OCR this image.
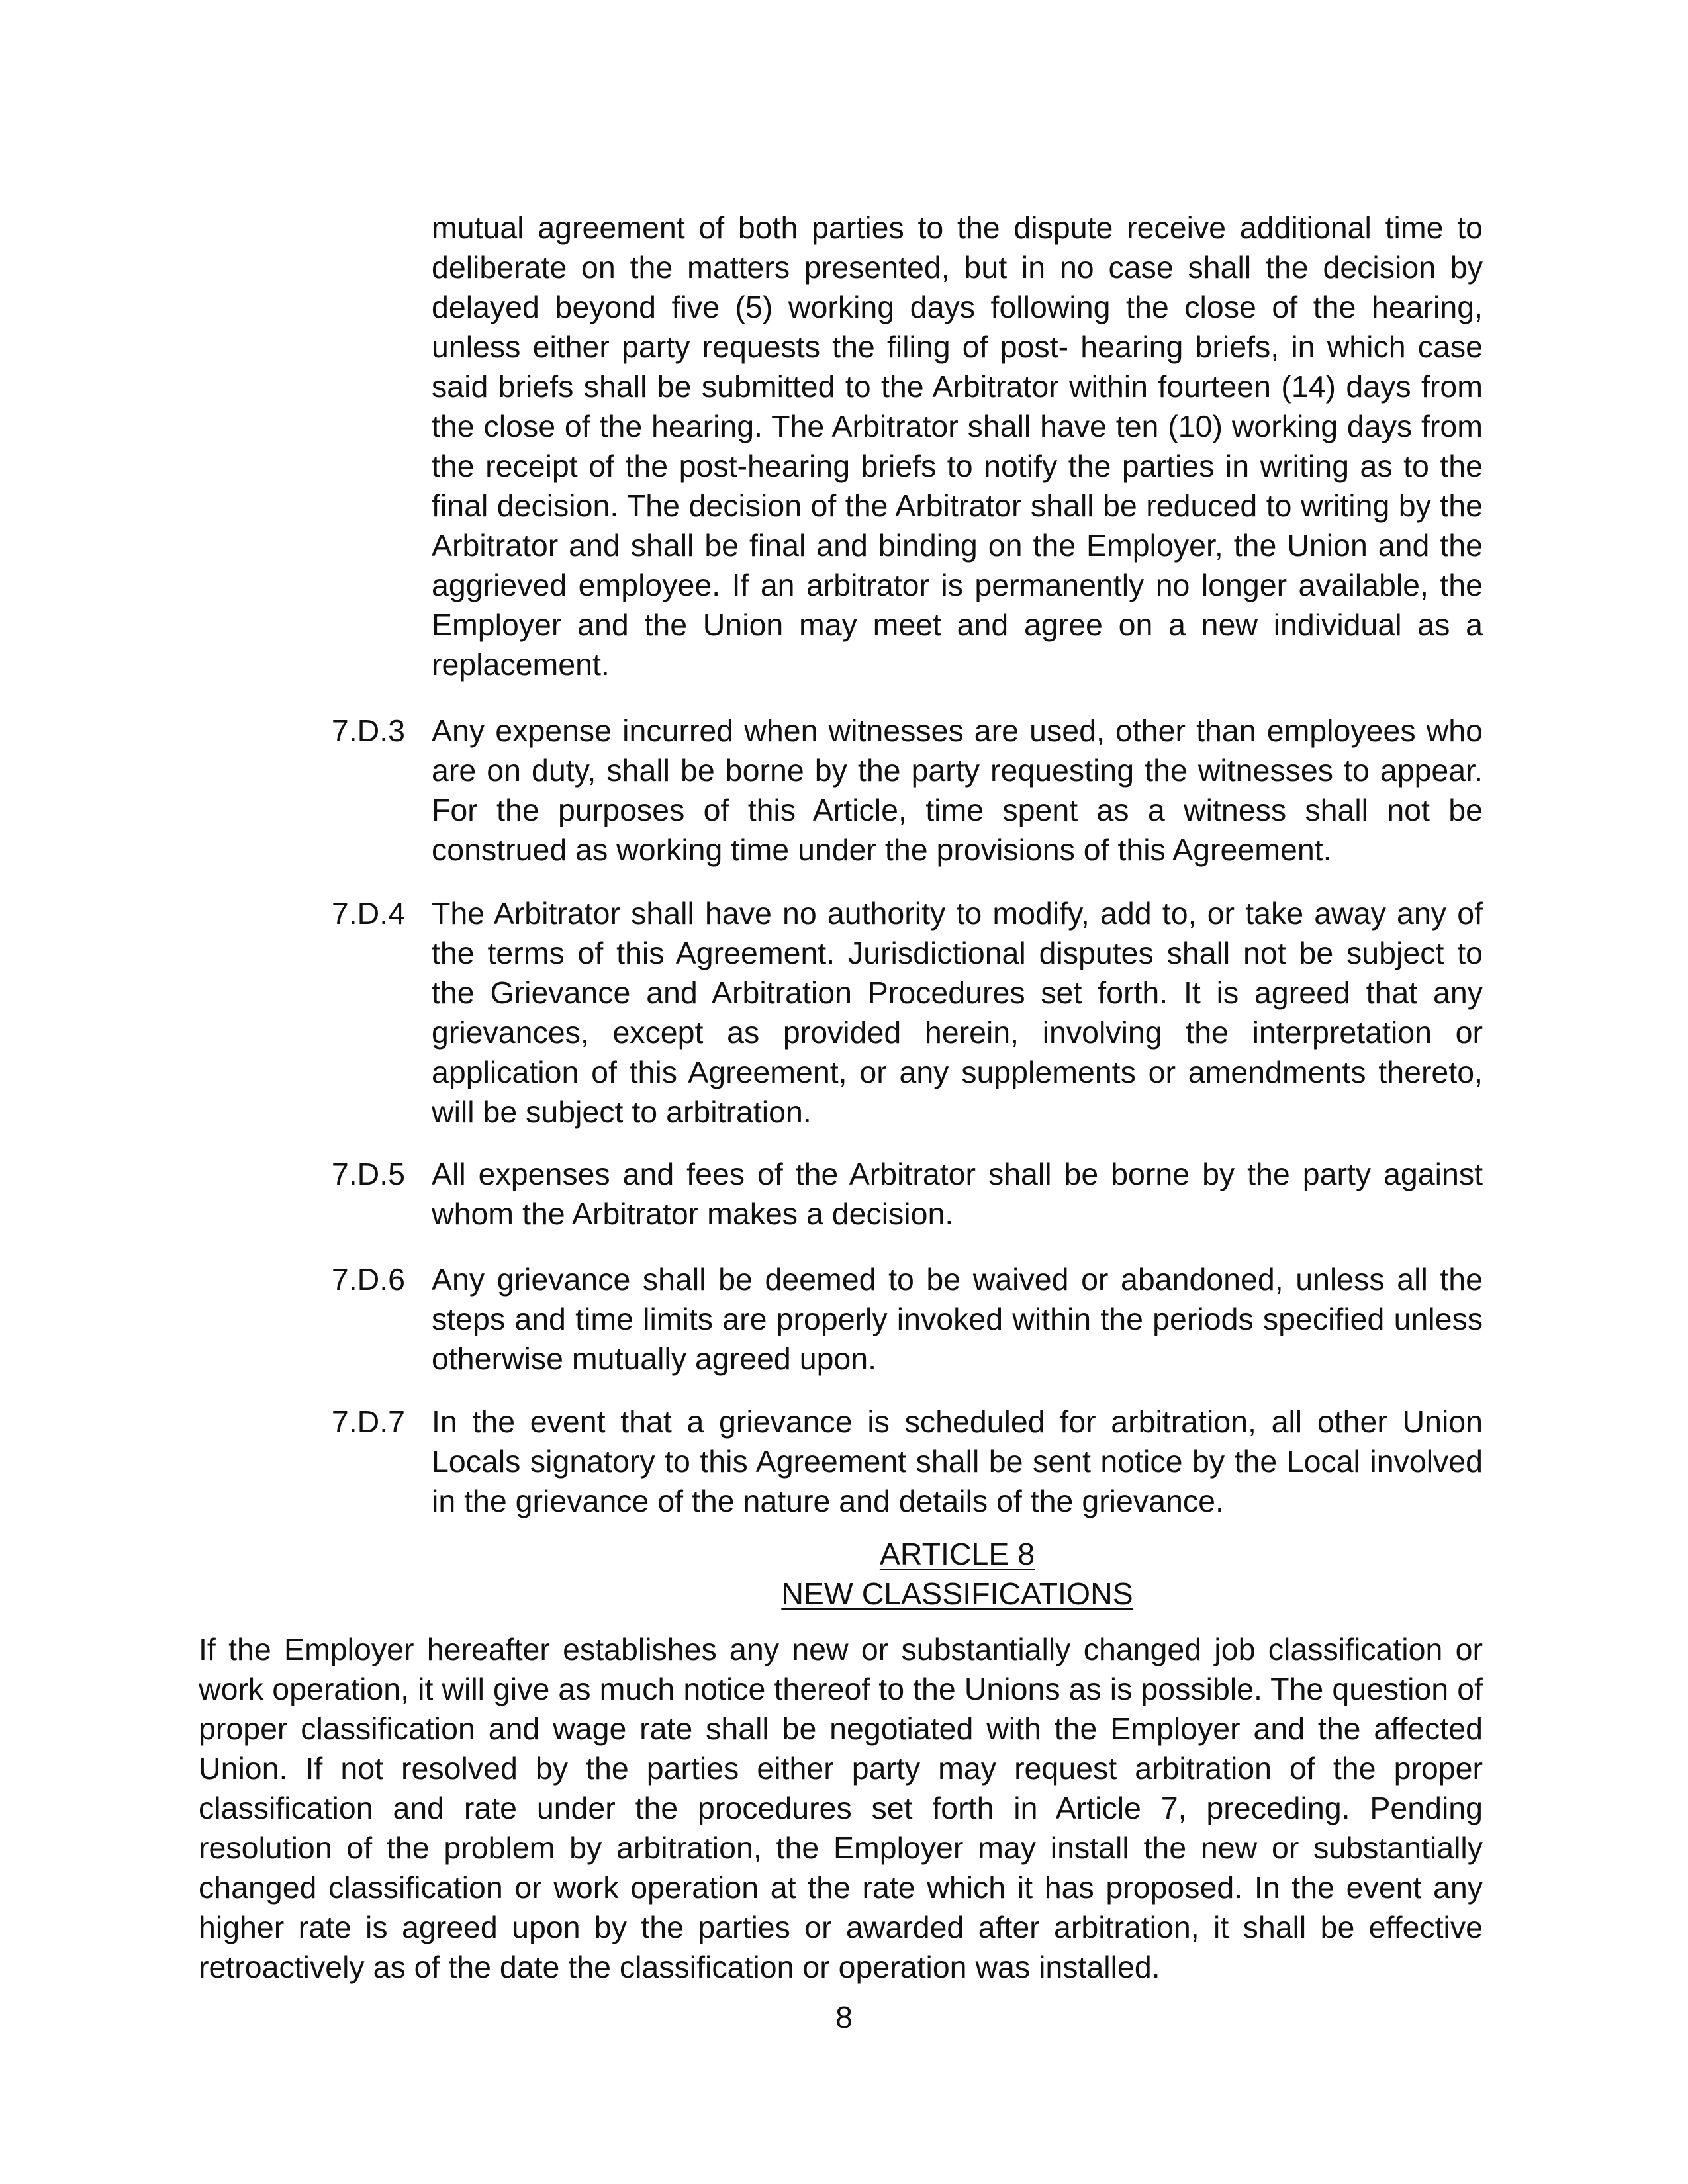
mutual agreement of both parties to the dispute receive additional time to deliberate on the matters presented, but in no case shall the decision by delayed beyond five (5) working days following the close of the hearing, unless either party requests the filing of post- hearing briefs, in which case said briefs shall be submitted to the Arbitrator within fourteen (14) days from the close of the hearing. The Arbitrator shall have ten (10) working days from the receipt of the post-hearing briefs to notify the parties in writing as to the final decision. The decision of the Arbitrator shall be reduced to writing by the Arbitrator and shall be final and binding on the Employer, the Union and the aggrieved employee. If an arbitrator is permanently no longer available, the Employer and the Union may meet and agree on a new individual as a replacement.

7.D.3 Any expense incurred when witnesses are used, other than employees who are on duty, shall be borne by the party requesting the witnesses to appear. For the purposes of this Article, time spent as a witness shall not be construed as working time under the provisions of this Agreement.

7.D.4 The Arbitrator shall have no authority to modify, add to, or take away any of the terms of this Agreement. Jurisdictional disputes shall not be subject to the Grievance and Arbitration Procedures set forth. It is agreed that any grievances, except as provided herein, involving the interpretation or application of this Agreement, or any supplements or amendments thereto, will be subject to arbitration.

7.D.5 All expenses and fees of the Arbitrator shall be borne by the party against whom the Arbitrator makes a decision.

7.D.6 Any grievance shall be deemed to be waived or abandoned, unless all the steps and time limits are properly invoked within the periods specified unless otherwise mutually agreed upon.

7.D.7 In the event that a grievance is scheduled for arbitration, all other Union Locals signatory to this Agreement shall be sent notice by the Local involved in the grievance of the nature and details of the grievance.

ARTICLE 8
NEW CLASSIFICATIONS

If the Employer hereafter establishes any new or substantially changed job classification or work operation, it will give as much notice thereof to the Unions as is possible. The question of proper classification and wage rate shall be negotiated with the Employer and the affected Union. If not resolved by the parties either party may request arbitration of the proper classification and rate under the procedures set forth in Article 7, preceding. Pending resolution of the problem by arbitration, the Employer may install the new or substantially changed classification or work operation at the rate which it has proposed. In the event any higher rate is agreed upon by the parties or awarded after arbitration, it shall be effective retroactively as of the date the classification or operation was installed.

8
